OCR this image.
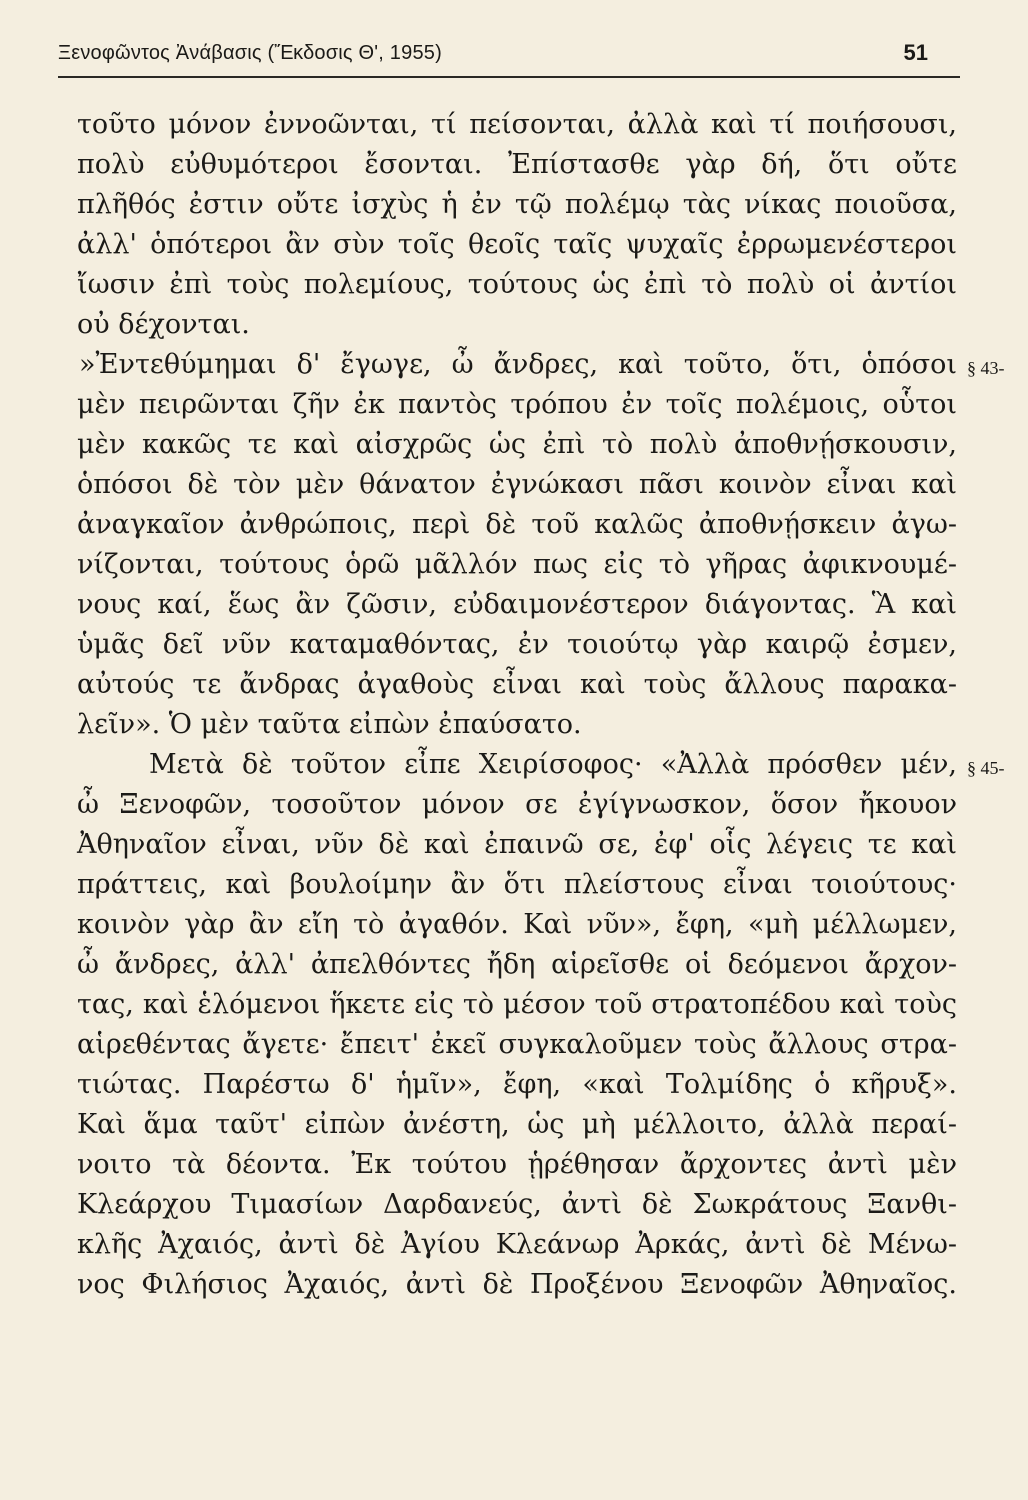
Ξενοφῶντος Ἀνάβασις (Ἔκδοσις Θ', 1955)	51
τοῦτο μόνον ἐννοῶνται, τί πείσονται, ἀλλὰ καὶ τί ποιήσουσι,
πολὺ εὐθυμότεροι ἔσονται. Ἐπίστασθε γὰρ δή, ὅτι οὔτε
πλῆθός ἐστιν οὔτε ἰσχὺς ἡ ἐν τῷ πολέμῳ τὰς νίκας ποιοῦσα,
ἀλλ' ὁπότεροι ἂν σὺν τοῖς θεοῖς ταῖς ψυχαῖς ἐρρωμενέστεροι
ἴωσιν ἐπὶ τοὺς πολεμίους, τούτους ὡς ἐπὶ τὸ πολὺ οἱ ἀντίοι
οὐ δέχονται.
»Ἐντεθύμημαι δ' ἔγωγε, ὦ ἄνδρες, καὶ τοῦτο, ὅτι, ὁπόσοι
μὲν πειρῶνται ζῆν ἐκ παντὸς τρόπου ἐν τοῖς πολέμοις, οὗτοι
μὲν κακῶς τε καὶ αἰσχρῶς ὡς ἐπὶ τὸ πολὺ ἀποθνῄσκουσιν,
ὁπόσοι δὲ τὸν μὲν θάνατον ἐγνώκασι πᾶσι κοινὸν εἶναι καὶ
ἀναγκαῖον ἀνθρώποις, περὶ δὲ τοῦ καλῶς ἀποθνῄσκειν ἀγω-
νίζονται, τούτους ὁρῶ μᾶλλόν πως εἰς τὸ γῆρας ἀφικνουμέ-
νους καί, ἕως ἂν ζῶσιν, εὐδαιμονέστερον διάγοντας. Ἃ καὶ
ὑμᾶς δεῖ νῦν καταμαθόντας, ἐν τοιούτῳ γὰρ καιρῷ ἐσμεν,
αὐτούς τε ἄνδρας ἀγαθοὺς εἶναι καὶ τοὺς ἄλλους παρακα-
λεῖν». Ὁ μὲν ταῦτα εἰπὼν ἐπαύσατο.
Μετὰ δὲ τοῦτον εἶπε Χειρίσοφος· «Ἀλλὰ πρόσθεν μέν,
ὦ Ξενοφῶν, τοσοῦτον μόνον σε ἐγίγνωσκον, ὅσον ἤκουον
Ἀθηναῖον εἶναι, νῦν δὲ καὶ ἐπαινῶ σε, ἐφ' οἷς λέγεις τε καὶ
πράττεις, καὶ βουλοίμην ἂν ὅτι πλείστους εἶναι τοιούτους·
κοινὸν γὰρ ἂν εἴη τὸ ἀγαθόν. Καὶ νῦν», ἔφη, «μὴ μέλλωμεν,
ὦ ἄνδρες, ἀλλ' ἀπελθόντες ἤδη αἱρεῖσθε οἱ δεόμενοι ἄρχον-
τας, καὶ ἑλόμενοι ἥκετε εἰς τὸ μέσον τοῦ στρατοπέδου καὶ τοὺς
αἱρεθέντας ἄγετε· ἔπειτ' ἐκεῖ συγκαλοῦμεν τοὺς ἄλλους στρα-
τιώτας. Παρέστω δ' ἡμῖν», ἔφη, «καὶ Τολμίδης ὁ κῆρυξ».
Καὶ ἅμα ταῦτ' εἰπὼν ἀνέστη, ὡς μὴ μέλλοιτο, ἀλλὰ περαί-
νοιτο τὰ δέοντα. Ἐκ τούτου ᾑρέθησαν ἄρχοντες ἀντὶ μὲν
Κλεάρχου Τιμασίων Δαρδανεύς, ἀντὶ δὲ Σωκράτους Ξανθι-
κλῆς Ἀχαιός, ἀντὶ δὲ Ἀγίου Κλεάνωρ Ἀρκάς, ἀντὶ δὲ Μένω-
νος Φιλήσιος Ἀχαιός, ἀντὶ δὲ Προξένου Ξενοφῶν Ἀθηναῖος.
§ 43-
§ 45-
